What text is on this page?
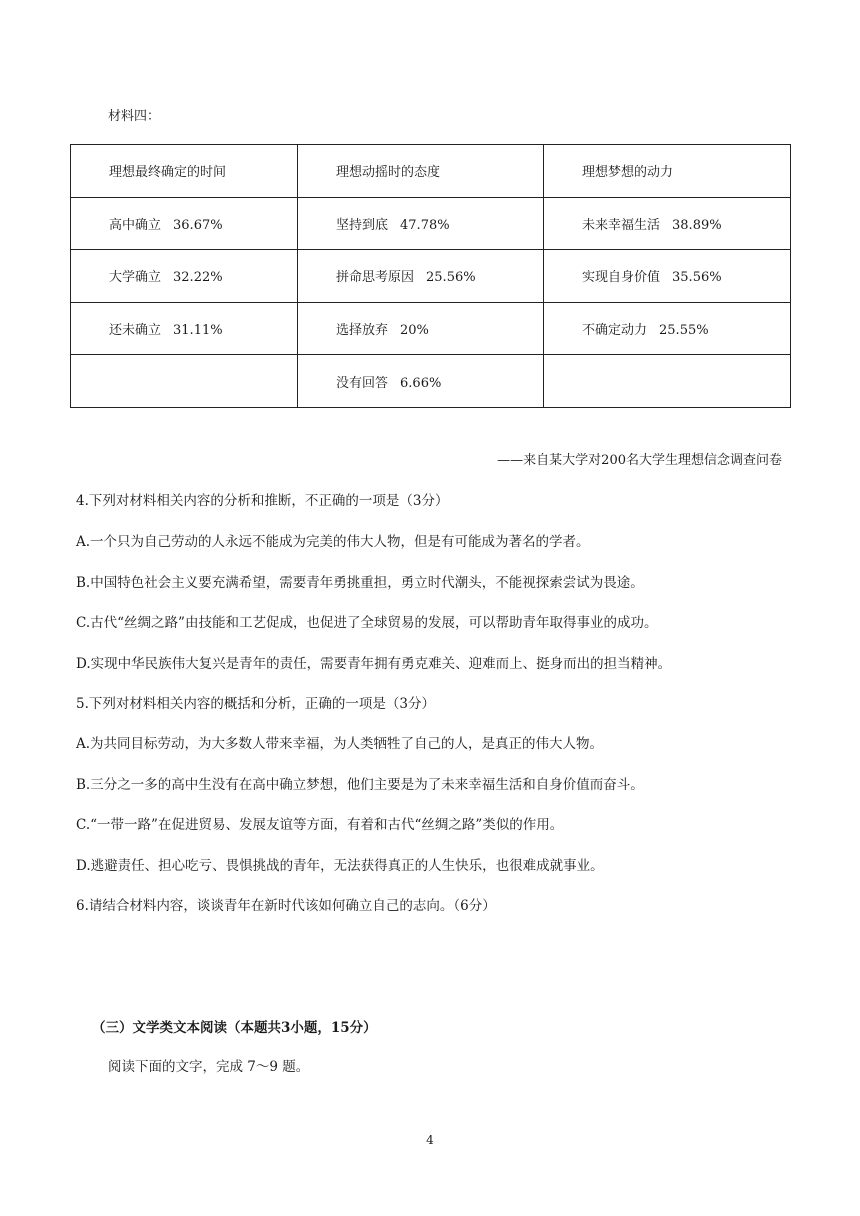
材料四：
理想最终确定的时间	理想动摇时的态度	理想梦想的动力
高中确立 36.67%	坚持到底 47.78%	未来幸福生活 38.89%
大学确立 32.22%	拼命思考原因 25.56%	实现自身价值 35.56%
还未确立 31.11%	选择放弃 20%	不确定动力 25.55%
	没有回答 6.66%	
——来自某大学对200名大学生理想信念调查问卷
4.下列对材料相关内容的分析和推断，不正确的一项是（3分）
A.一个只为自己劳动的人永远不能成为完美的伟大人物，但是有可能成为著名的学者。
B.中国特色社会主义要充满希望，需要青年勇挑重担，勇立时代潮头，不能视探索尝试为畏途。
C.古代“丝绸之路”由技能和工艺促成，也促进了全球贸易的发展，可以帮助青年取得事业的成功。
D.实现中华民族伟大复兴是青年的责任，需要青年拥有勇克难关、迎难而上、挺身而出的担当精神。
5.下列对材料相关内容的概括和分析，正确的一项是（3分）
A.为共同目标劳动，为大多数人带来幸福，为人类牺牲了自己的人，是真正的伟大人物。
B.三分之一多的高中生没有在高中确立梦想，他们主要是为了未来幸福生活和自身价值而奋斗。
C.“一带一路”在促进贸易、发展友谊等方面，有着和古代“丝绸之路”类似的作用。
D.逃避责任、担心吃亏、畏惧挑战的青年，无法获得真正的人生快乐，也很难成就事业。
6.请结合材料内容，谈谈青年在新时代该如何确立自己的志向。（6分）
（三）文学类文本阅读（本题共3小题，15分）
阅读下面的文字，完成 7～9 题。
4
